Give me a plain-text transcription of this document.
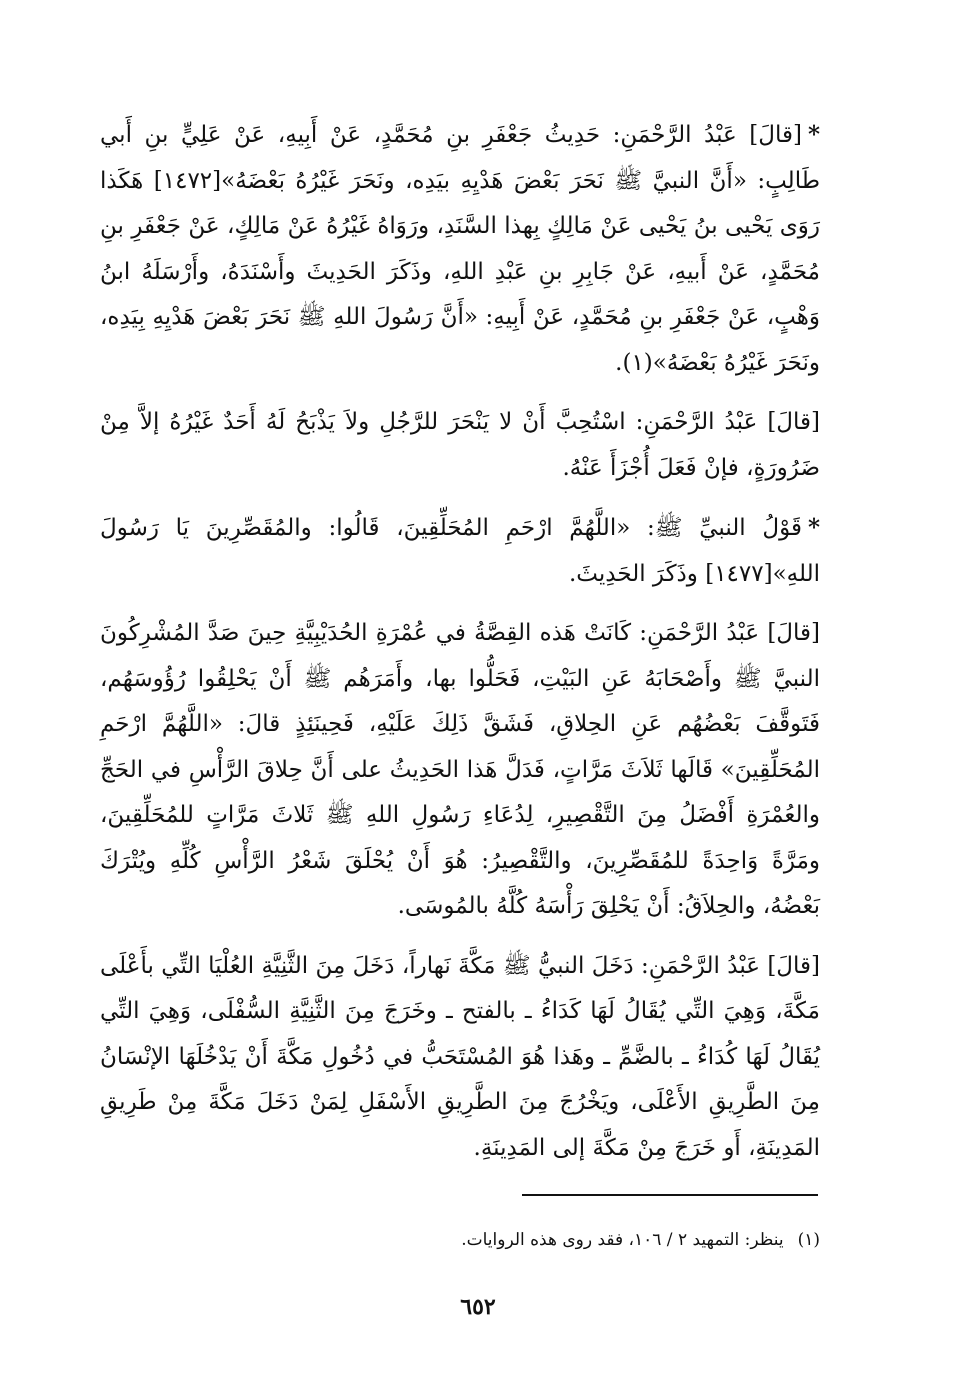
*[قالَ] عَبْدُ الرَّحْمَنِ: حَدِيثُ جَعْفَرِ بنِ مُحَمَّدٍ، عَنْ أَبِيهِ، عَنْ عَلِيٍّ بنِ أَبي طَالِبٍ: «أَنَّ النبيَّ ﷺ نَحَرَ بَعْضَ هَدْيِهِ بيَدِه، ونَحَرَ غَيْرُهُ بَعْضَهُ»[١٤٧٢] هَكَذا رَوَى يَحْيى بنُ يَحْيى عَنْ مَالِكٍ بِهذا السَّنَدِ، ورَوَاهُ غَيْرُهُ عَنْ مَالِكٍ، عَنْ جَعْفَرِ بنِ مُحَمَّدٍ، عَنْ أَبيهِ، عَنْ جَابِرِ بنِ عَبْدِ اللهِ، وذَكَرَ الحَدِيثَ وأَسْنَدَهُ، وأَرْسَلَهُ ابنُ وَهْبٍ، عَنْ جَعْفَرِ بنِ مُحَمَّدٍ، عَنْ أَبِيهِ: «أَنَّ رَسُولَ اللهِ ﷺ نَحَرَ بَعْضَ هَدْيِهِ بِيَدِه، ونَحَرَ غَيْرُهُ بَعْضَهُ»(١).

[قالَ] عَبْدُ الرَّحْمَنِ: اسْتُحِبَّ أَنْ لا يَنْحَرَ للرَّجُلِ ولاَ يَذْبَحُ لَهُ أَحَدٌ غَيْرُهُ إلاَّ مِنْ ضَرُورَةٍ، فإنْ فَعَلَ أُجْزَأَ عَنْهُ.

*قَوْلُ النبيِّ ﷺ: «اللَّهُمَّ ارْحَمِ المُحَلِّقِينَ، قَالُوا: والمُقَصِّرِينَ يَا رَسُولَ اللهِ»[١٤٧٧] وذَكَرَ الحَدِيثَ.

[قالَ] عَبْدُ الرَّحْمَنِ: كَانَتْ هَذه القِصَّةُ في عُمْرَةِ الحُدَيْبِيَّةِ حِينَ صَدَّ المُشْرِكُونَ النبيَّ ﷺ وأَصْحَابَهُ عَنِ البَيْتِ، فَحَلُّوا بها، وأَمَرَهُم ﷺ أَنْ يَحْلِقُوا رُؤُوسَهُم، فَتَوقَّفَ بَعْضُهُم عَنِ الحِلاقِ، فَشَقَّ ذَلِكَ عَلَيْهِ، فَحِينَئِذٍ قالَ: «اللَّهُمَّ ارْحَمِ المُحَلِّقِينَ» قَالَها ثَلاَثَ مَرَّاتٍ، فَدَلَّ هَذا الحَدِيثُ على أَنَّ حِلاقَ الرَّأْسِ في الحَجِّ والعُمْرَةِ أَفْضَلُ مِنَ التَّقْصِيرِ، لِدُعَاءِ رَسُولِ اللهِ ﷺ ثَلاثَ مَرَّاتٍ للمُحَلِّقِينَ، ومَرَّةً وَاحِدَةً للمُقَصِّرِينَ، والتَّقْصِيرُ: هُوَ أَنْ يُحْلَقَ شَعْرُ الرَّأْسِ كُلِّهِ ويُتْرَكَ بَعْضُهُ، والحِلاَقُ: أَنْ يَحْلِقَ رَأْسَهُ كُلَّهُ بالمُوسَى.

[قالَ] عَبْدُ الرَّحْمَنِ: دَخَلَ النبيُّ ﷺ مَكَّةَ نَهاراً، دَخَلَ مِنَ الثَّنِيَّةِ العُلْيَا التِّي بأَعْلَى مَكَّةَ، وَهِيَ التِّي يُقَالُ لَهَا كَدَاءُ ـ بالفتح ـ وخَرَجَ مِنَ الثَّنِيَّةِ السُّفْلَى، وَهِيَ التِّي يُقَالُ لَهَا كُدَاءُ ـ بالضَّمِّ ـ وهَذا هُوَ المُسْتَحَبُّ في دُخُولِ مَكَّةَ أَنْ يَدْخُلَهَا الإنْسَانُ مِنَ الطَّرِيقِ الأَعْلَى، ويَخْرُجَ مِنَ الطَّرِيقِ الأَسْفَلِ لِمَنْ دَخَلَ مَكَّةَ مِنْ طَرِيقِ المَدِينَةِ، أَو خَرَجَ مِنْ مَكَّةَ إلى المَدِينَةِ.

(١)ينظر: التمهيد ٢ / ١٠٦، فقد روى هذه الروايات.
٦٥٢
